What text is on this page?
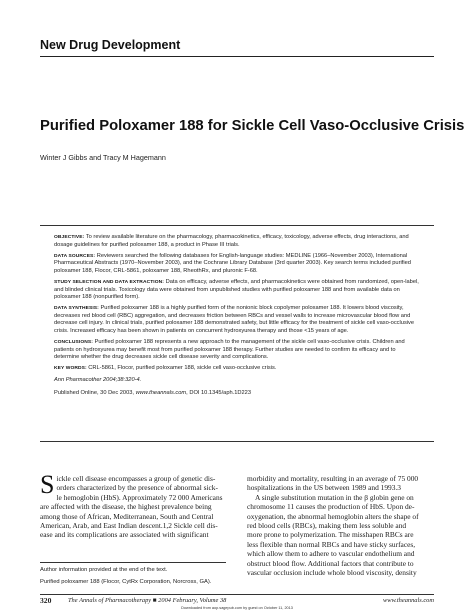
New Drug Development
Purified Poloxamer 188 for Sickle Cell Vaso-Occlusive Crisis
Winter J Gibbs and Tracy M Hagemann

OBJECTIVE: To review available literature on the pharmacology, pharmacokinetics, efficacy, toxicology, adverse effects, drug interactions, and dosage guidelines for purified poloxamer 188, a product in Phase III trials.

DATA SOURCES: Reviewers searched the following databases for English-language studies: MEDLINE (1966–November 2003), International Pharmaceutical Abstracts (1970–November 2003), and the Cochrane Library Database (3rd quarter 2003). Key search terms included purified poloxamer 188, Flocor, CRL-5861, poloxamer 188, RheothRx, and pluronic F-68.

STUDY SELECTION AND DATA EXTRACTION: Data on efficacy, adverse effects, and pharmacokinetics were obtained from randomized, open-label, and blinded clinical trials. Toxicology data were obtained from unpublished studies with purified poloxamer 188 and from available data on poloxamer 188 (nonpurified form).

DATA SYNTHESIS: Purified poloxamer 188 is a highly purified form of the nonionic block copolymer poloxamer 188. It lowers blood viscosity, decreases red blood cell (RBC) aggregation, and decreases friction between RBCs and vessel walls to increase microvascular blood flow and decrease cell injury. In clinical trials, purified poloxamer 188 demonstrated safety, but little efficacy for the treatment of sickle cell vaso-occlusive crisis. Increased efficacy has been shown in patients on concurrent hydroxyurea therapy and those <15 years of age.

CONCLUSIONS: Purified poloxamer 188 represents a new approach to the management of the sickle cell vaso-occlusive crisis. Children and patients on hydroxyurea may benefit most from purified poloxamer 188 therapy. Further studies are needed to confirm its efficacy and to determine whether the drug decreases sickle cell disease severity and complications.

KEY WORDS: CRL-5861, Flocor, purified poloxamer 188, sickle cell vaso-occlusive crisis.

Ann Pharmacother 2004;38:320-4.

Published Online, 30 Dec 2003, www.theannals.com, DOI 10.1345/aph.1D223

S ickle cell disease encompasses a group of genetic dis-
orders characterized by the presence of abnormal sick-
le hemoglobin (HbS). Approximately 72 000 Americans
are affected with the disease, the highest prevalence being
among those of African, Mediterranean, South and Central
American, Arab, and East Indian descent.1,2 Sickle cell dis-
ease and its complications are associated with significant
morbidity and mortality, resulting in an average of 75 000
hospitalizations in the US between 1989 and 1993.3
A single substitution mutation in the β globin gene on
chromosome 11 causes the production of HbS. Upon de-
oxygenation, the abnormal hemoglobin alters the shape of
red blood cells (RBCs), making them less soluble and
more prone to polymerization. The misshapen RBCs are
less flexible than normal RBCs and have sticky surfaces,
which allow them to adhere to vascular endothelium and
obstruct blood flow. Additional factors that contribute to
vascular occlusion include whole blood viscosity, density
Author information provided at the end of the text.
Purified poloxamer 188 (Flocor, CytRx Corporation, Norcross, GA).
320	The Annals of Pharmacotherapy ■ 2004 February, Volume 38	www.theannals.com
Downloaded from aop.sagepub.com by guest on October 11, 2013
